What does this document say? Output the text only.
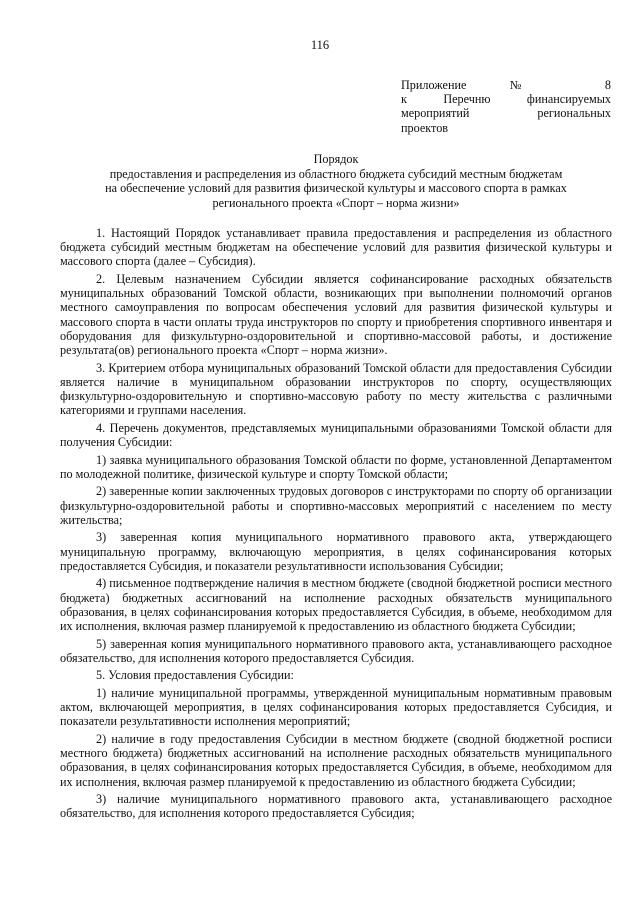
116
Приложение № 8
к Перечню финансируемых
мероприятий региональных
проектов
Порядок
предоставления и распределения из областного бюджета субсидий местным бюджетам
на обеспечение условий для развития физической культуры и массового спорта в рамках
регионального проекта «Спорт – норма жизни»

1. Настоящий Порядок устанавливает правила предоставления и распределения из областного бюджета субсидий местным бюджетам на обеспечение условий для развития физической культуры и массового спорта (далее – Субсидия).

2. Целевым назначением Субсидии является софинансирование расходных обязательств муниципальных образований Томской области, возникающих при выполнении полномочий органов местного самоуправления по вопросам обеспечения условий для развития физической культуры и массового спорта в части оплаты труда инструкторов по спорту и приобретения спортивного инвентаря и оборудования для физкультурно-оздоровительной и спортивно-массовой работы, и достижение результата(ов) регионального проекта «Спорт – норма жизни».

3. Критерием отбора муниципальных образований Томской области для предоставления Субсидии является наличие в муниципальном образовании инструкторов по спорту, осуществляющих физкультурно-оздоровительную и спортивно-массовую работу по месту жительства с различными категориями и группами населения.

4. Перечень документов, представляемых муниципальными образованиями Томской области для получения Субсидии:

1) заявка муниципального образования Томской области по форме, установленной Департаментом по молодежной политике, физической культуре и спорту Томской области;

2) заверенные копии заключенных трудовых договоров с инструкторами по спорту об организации физкультурно-оздоровительной работы и спортивно-массовых мероприятий с населением по месту жительства;

3) заверенная копия муниципального нормативного правового акта, утверждающего муниципальную программу, включающую мероприятия, в целях софинансирования которых предоставляется Субсидия, и показатели результативности использования Субсидии;

4) письменное подтверждение наличия в местном бюджете (сводной бюджетной росписи местного бюджета) бюджетных ассигнований на исполнение расходных обязательств муниципального образования, в целях софинансирования которых предоставляется Субсидия, в объеме, необходимом для их исполнения, включая размер планируемой к предоставлению из областного бюджета Субсидии;

5) заверенная копия муниципального нормативного правового акта, устанавливающего расходное обязательство, для исполнения которого предоставляется Субсидия.

5. Условия предоставления Субсидии:

1) наличие муниципальной программы, утвержденной муниципальным нормативным правовым актом, включающей мероприятия, в целях софинансирования которых предоставляется Субсидия, и показатели результативности исполнения мероприятий;

2) наличие в году предоставления Субсидии в местном бюджете (сводной бюджетной росписи местного бюджета) бюджетных ассигнований на исполнение расходных обязательств муниципального образования, в целях софинансирования которых предоставляется Субсидия, в объеме, необходимом для их исполнения, включая размер планируемой к предоставлению из областного бюджета Субсидии;

3) наличие муниципального нормативного правового акта, устанавливающего расходное обязательство, для исполнения которого предоставляется Субсидия;
